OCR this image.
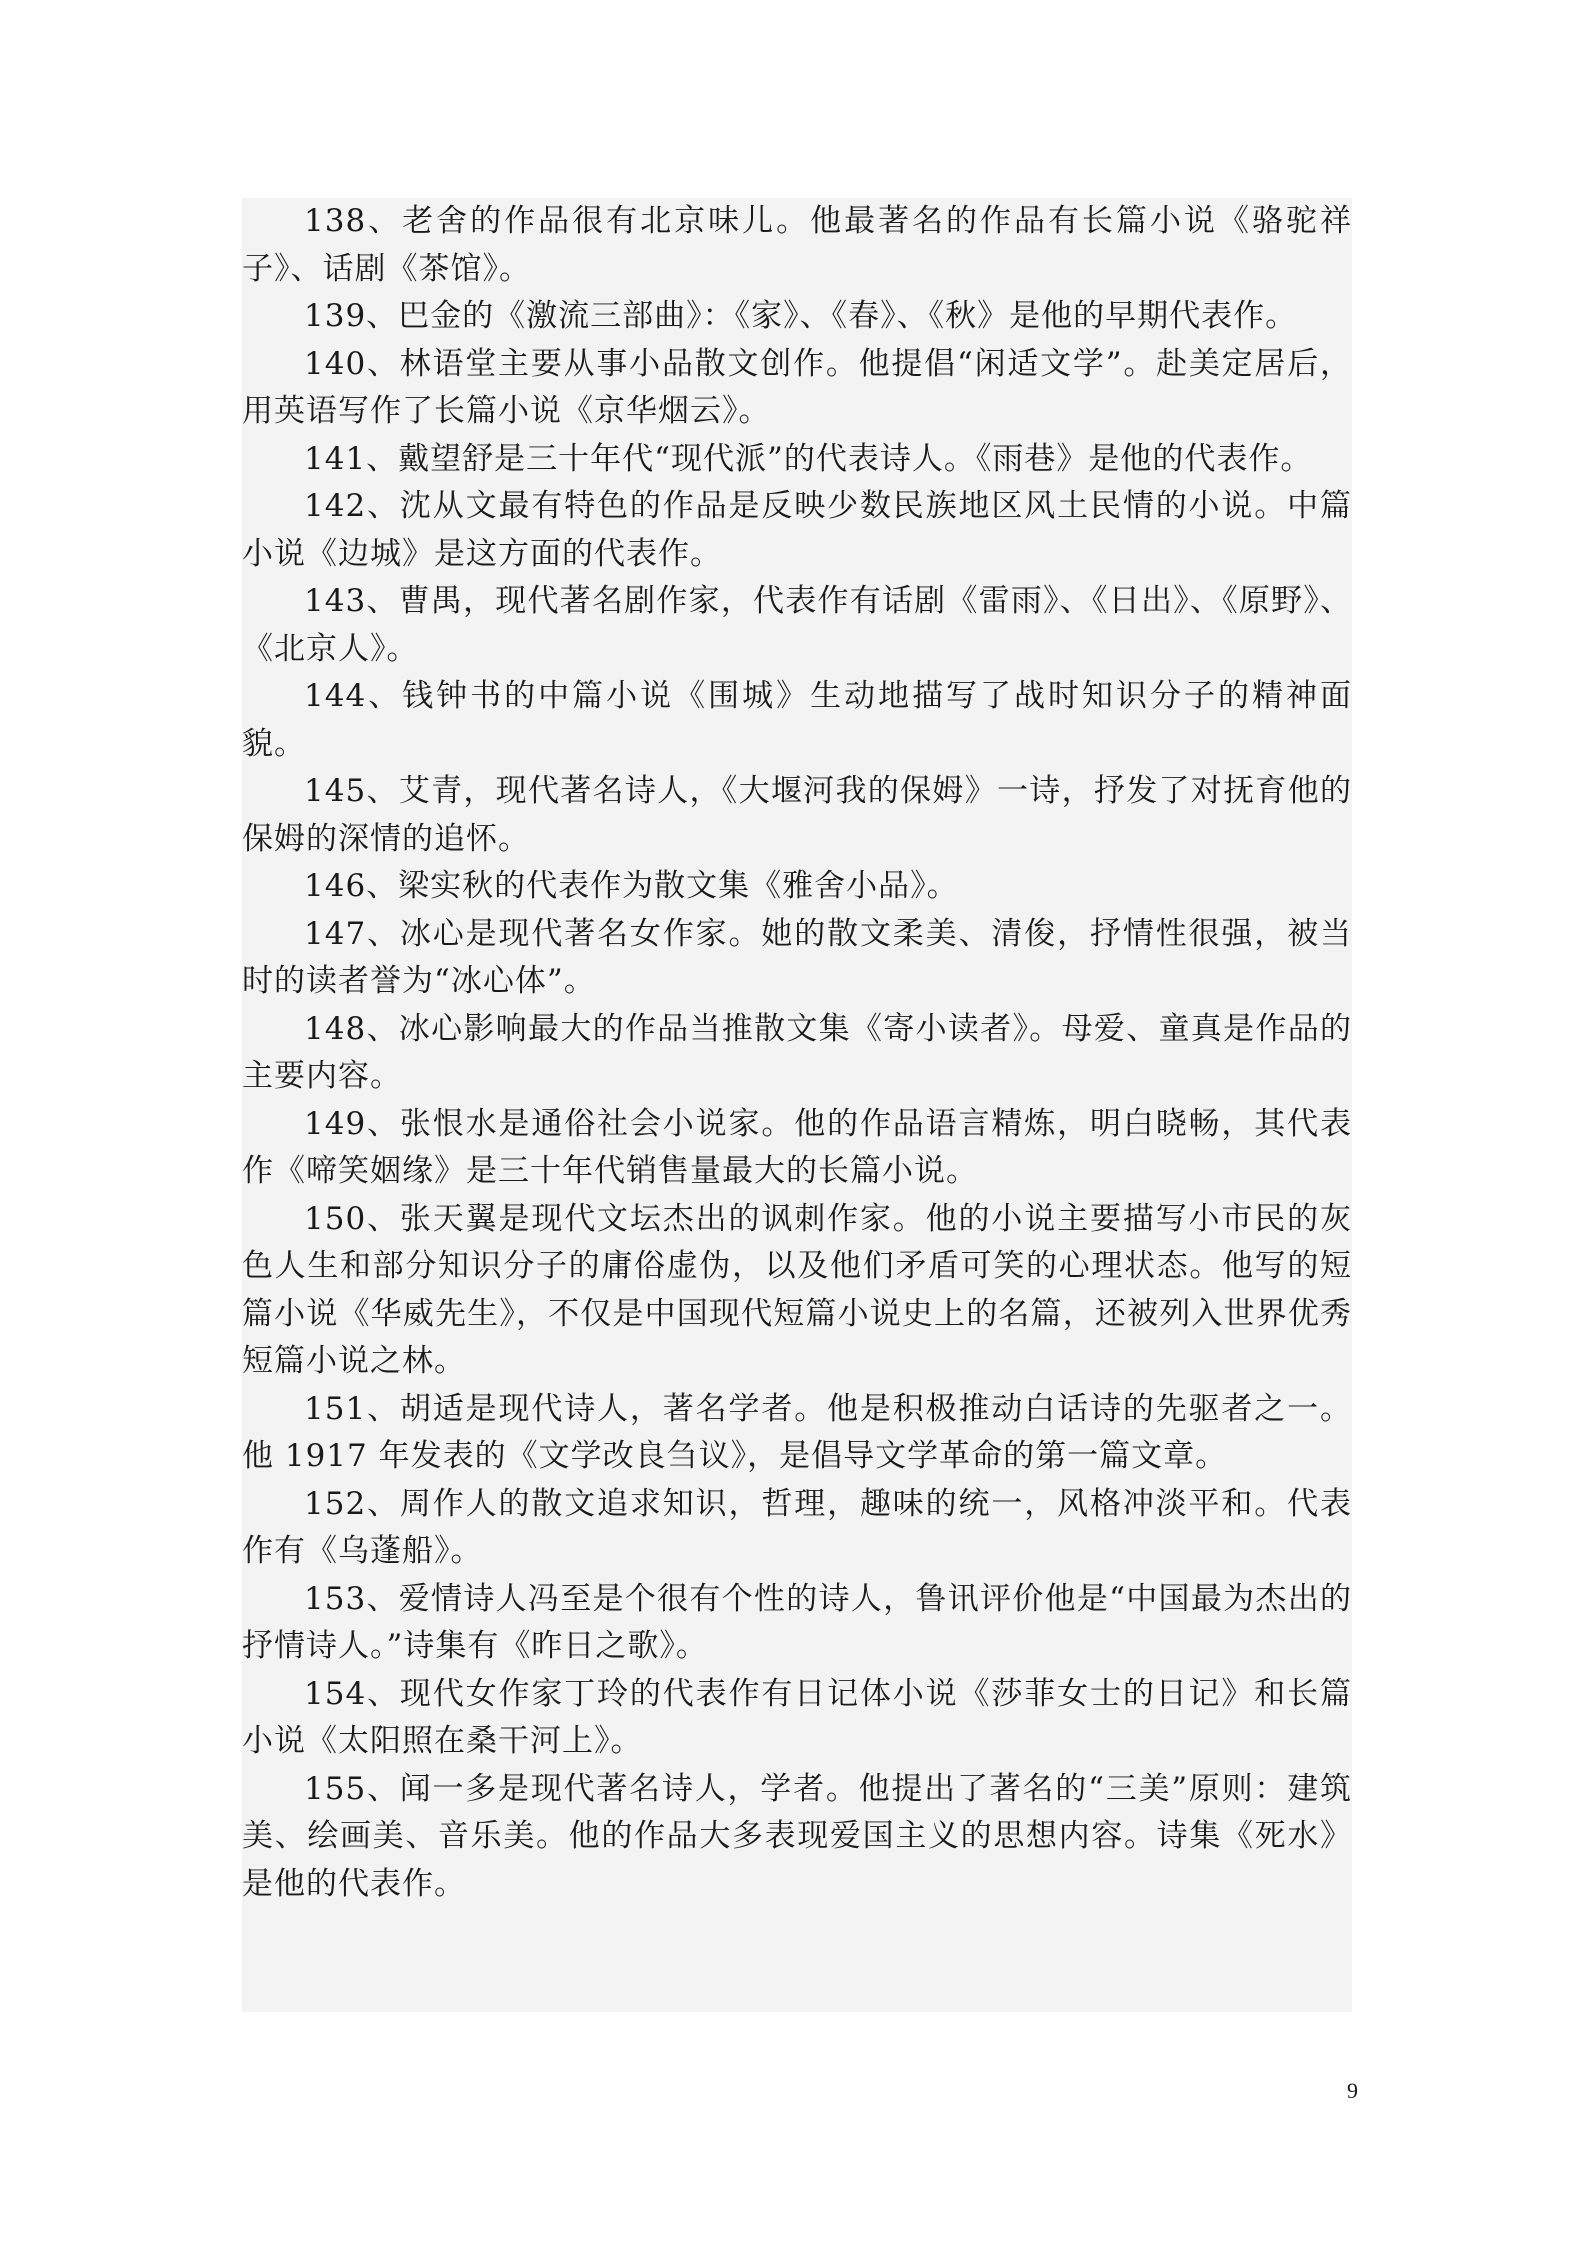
138、老舍的作品很有北京味儿。他最著名的作品有长篇小说《骆驼祥子》、话剧《茶馆》。

139、巴金的《激流三部曲》：《家》、《春》、《秋》是他的早期代表作。

140、林语堂主要从事小品散文创作。他提倡“闲适文学”。赴美定居后，用英语写作了长篇小说《京华烟云》。

141、戴望舒是三十年代“现代派”的代表诗人。《雨巷》是他的代表作。

142、沈从文最有特色的作品是反映少数民族地区风土民情的小说。中篇小说《边城》是这方面的代表作。

143、曹禺，现代著名剧作家，代表作有话剧《雷雨》、《日出》、《原野》、《北京人》。

144、钱钟书的中篇小说《围城》生动地描写了战时知识分子的精神面貌。

145、艾青，现代著名诗人，《大堰河我的保姆》一诗，抒发了对抚育他的保姆的深情的追怀。

146、梁实秋的代表作为散文集《雅舍小品》。

147、冰心是现代著名女作家。她的散文柔美、清俊，抒情性很强，被当时的读者誉为“冰心体”。

148、冰心影响最大的作品当推散文集《寄小读者》。母爱、童真是作品的主要内容。

149、张恨水是通俗社会小说家。他的作品语言精炼，明白晓畅，其代表作《啼笑姻缘》是三十年代销售量最大的长篇小说。

150、张天翼是现代文坛杰出的讽刺作家。他的小说主要描写小市民的灰色人生和部分知识分子的庸俗虚伪，以及他们矛盾可笑的心理状态。他写的短篇小说《华威先生》，不仅是中国现代短篇小说史上的名篇，还被列入世界优秀短篇小说之林。

151、胡适是现代诗人，著名学者。他是积极推动白话诗的先驱者之一。他 1917 年发表的《文学改良刍议》，是倡导文学革命的第一篇文章。

152、周作人的散文追求知识，哲理，趣味的统一，风格冲淡平和。代表作有《乌蓬船》。

153、爱情诗人冯至是个很有个性的诗人，鲁讯评价他是“中国最为杰出的抒情诗人。”诗集有《昨日之歌》。

154、现代女作家丁玲的代表作有日记体小说《莎菲女士的日记》和长篇小说《太阳照在桑干河上》。

155、闻一多是现代著名诗人，学者。他提出了著名的“三美”原则：建筑美、绘画美、音乐美。他的作品大多表现爱国主义的思想内容。诗集《死水》是他的代表作。

9
